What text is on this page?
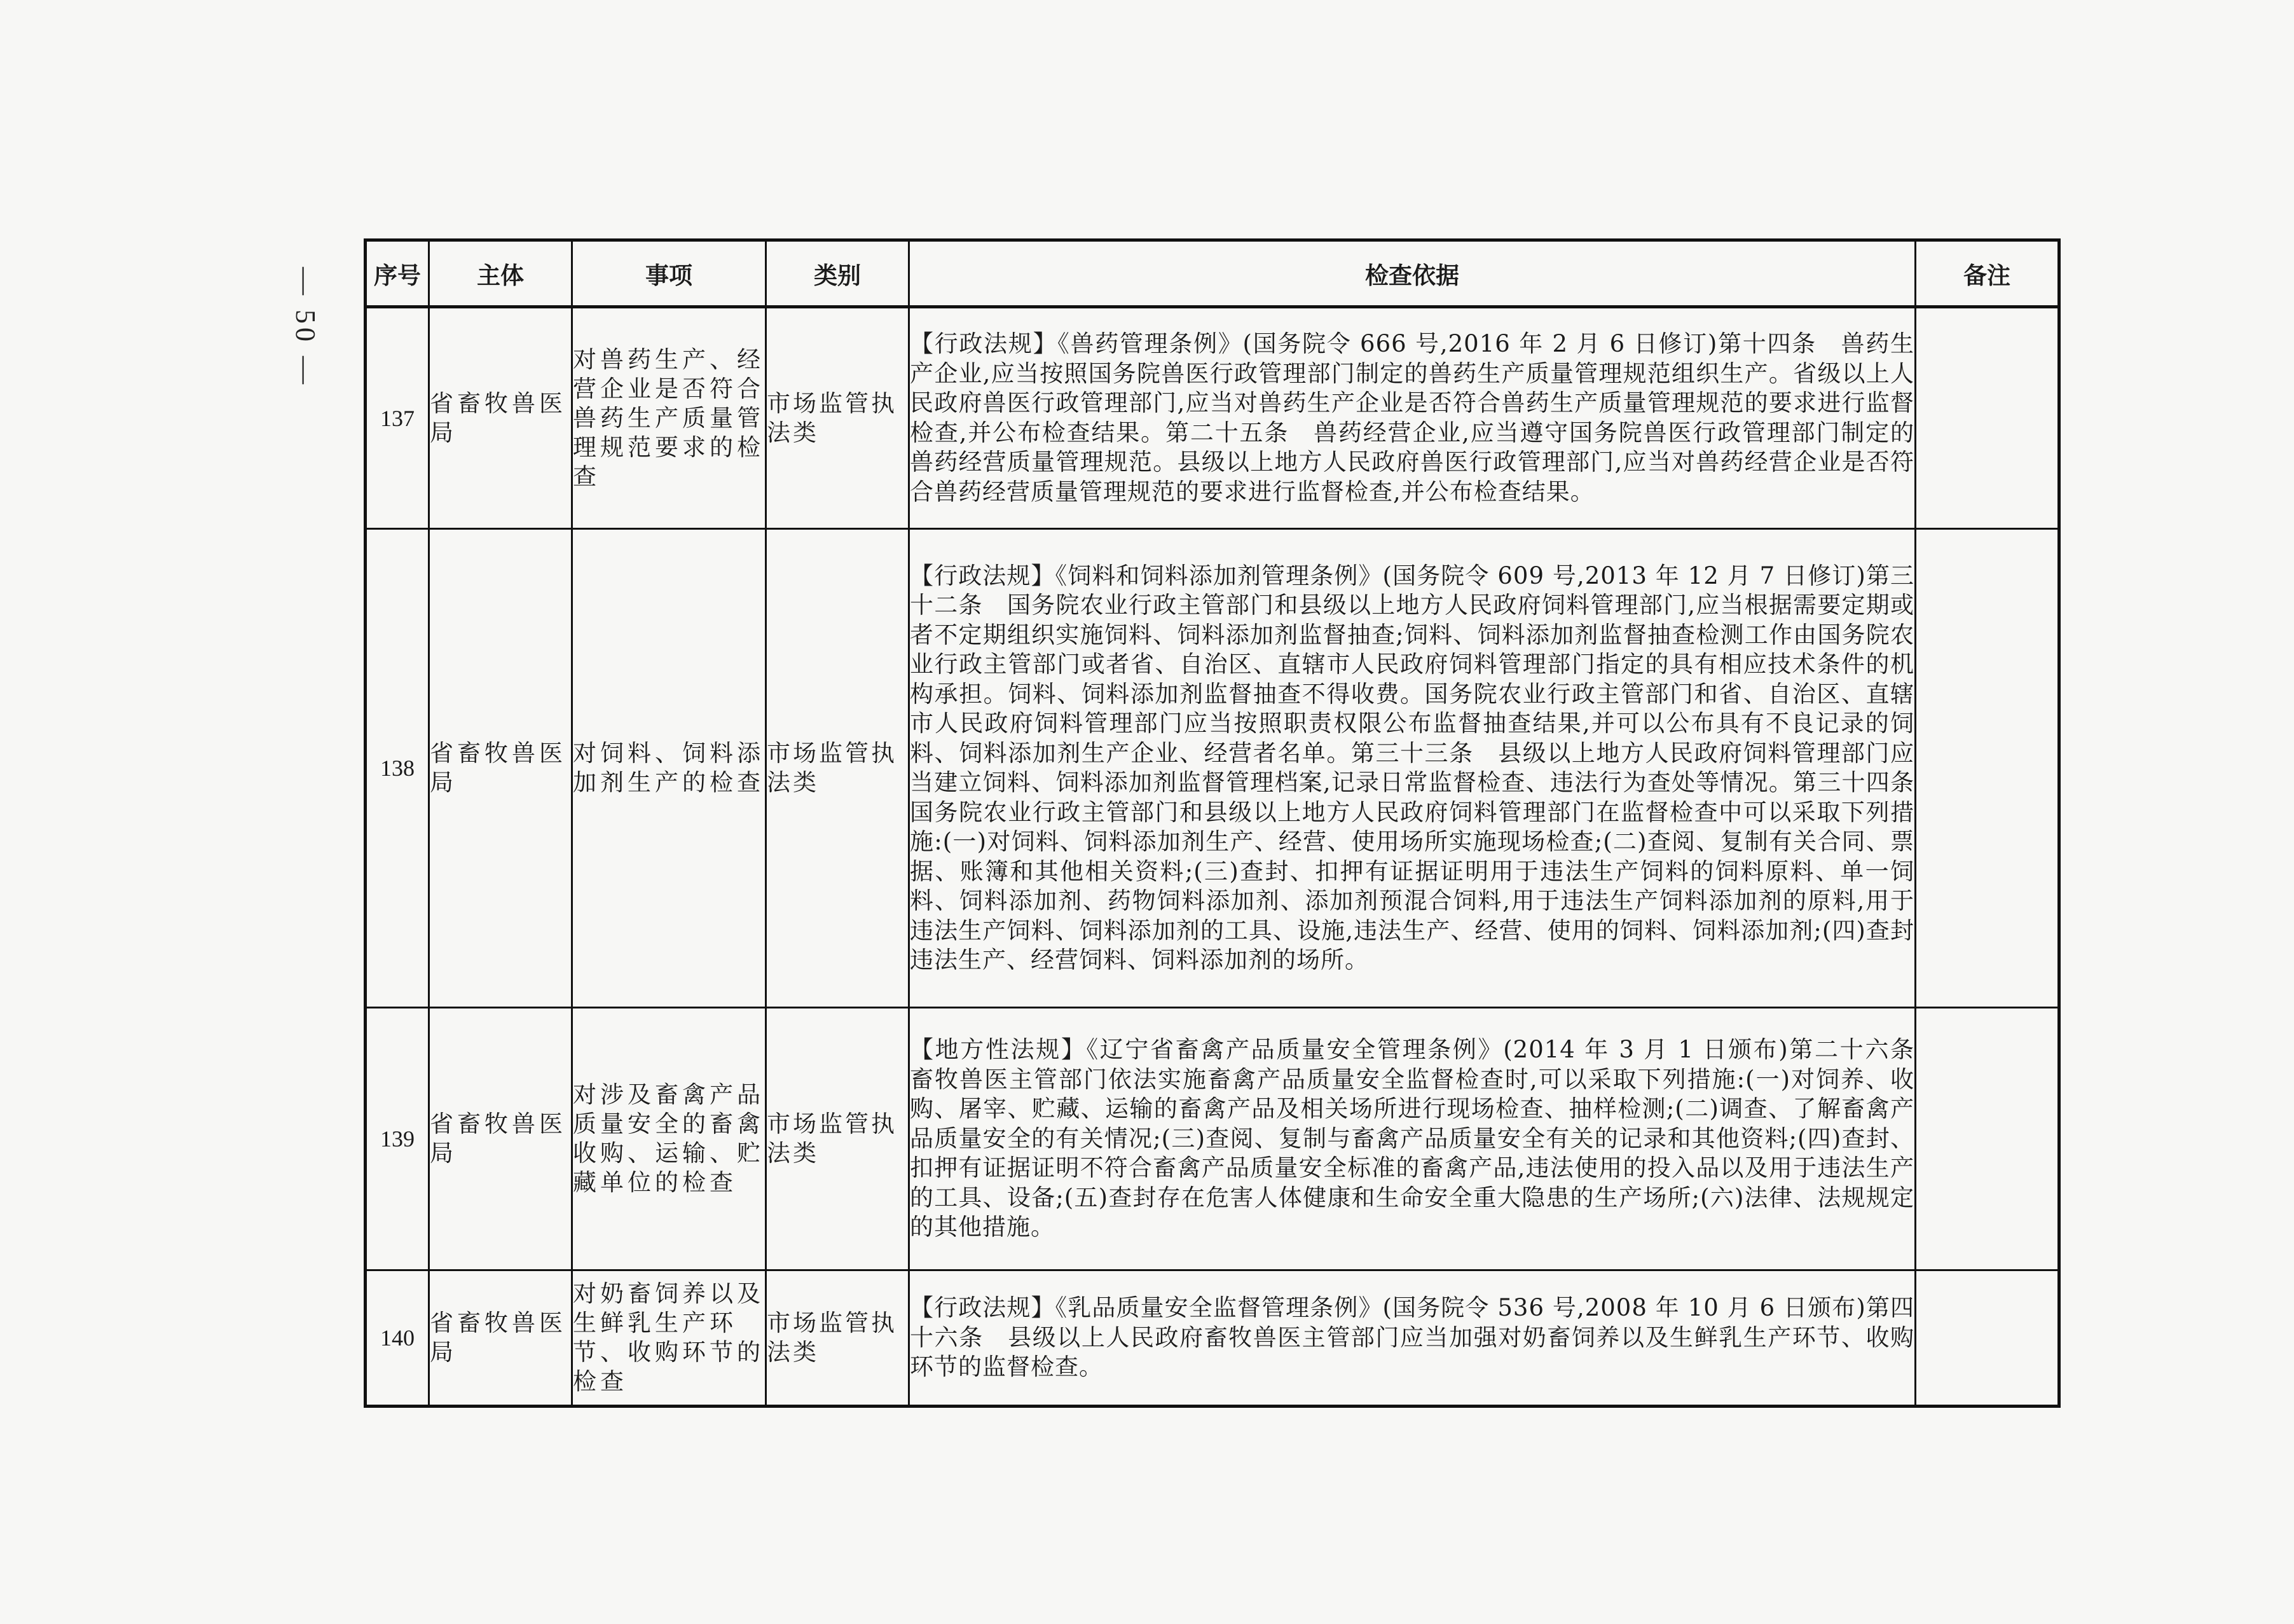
— 50 — 序号	主体	事项	类别	检查依据	备注
137	省畜牧兽医局	对兽药生产、经营企业是否符合兽药生产质量管理规范要求的检查	市场监管执法类	【行政法规】《兽药管理条例》(国务院令 666 号,2016 年 2 月 6 日修订)第十四条　兽药生产企业,应当按照国务院兽医行政管理部门制定的兽药生产质量管理规范组织生产。省级以上人民政府兽医行政管理部门,应当对兽药生产企业是否符合兽药生产质量管理规范的要求进行监督检查,并公布检查结果。第二十五条　兽药经营企业,应当遵守国务院兽医行政管理部门制定的兽药经营质量管理规范。县级以上地方人民政府兽医行政管理部门,应当对兽药经营企业是否符合兽药经营质量管理规范的要求进行监督检查,并公布检查结果。	
138	省畜牧兽医局	对饲料、饲料添加剂生产的检查	市场监管执法类	【行政法规】《饲料和饲料添加剂管理条例》(国务院令 609 号,2013 年 12 月 7 日修订)第三十二条　国务院农业行政主管部门和县级以上地方人民政府饲料管理部门,应当根据需要定期或者不定期组织实施饲料、饲料添加剂监督抽查;饲料、饲料添加剂监督抽查检测工作由国务院农业行政主管部门或者省、自治区、直辖市人民政府饲料管理部门指定的具有相应技术条件的机构承担。饲料、饲料添加剂监督抽查不得收费。国务院农业行政主管部门和省、自治区、直辖市人民政府饲料管理部门应当按照职责权限公布监督抽查结果,并可以公布具有不良记录的饲料、饲料添加剂生产企业、经营者名单。第三十三条　县级以上地方人民政府饲料管理部门应当建立饲料、饲料添加剂监督管理档案,记录日常监督检查、违法行为查处等情况。第三十四条　国务院农业行政主管部门和县级以上地方人民政府饲料管理部门在监督检查中可以采取下列措施:(一)对饲料、饲料添加剂生产、经营、使用场所实施现场检查;(二)查阅、复制有关合同、票据、账簿和其他相关资料;(三)查封、扣押有证据证明用于违法生产饲料的饲料原料、单一饲料、饲料添加剂、药物饲料添加剂、添加剂预混合饲料,用于违法生产饲料添加剂的原料,用于违法生产饲料、饲料添加剂的工具、设施,违法生产、经营、使用的饲料、饲料添加剂;(四)查封违法生产、经营饲料、饲料添加剂的场所。	
139	省畜牧兽医局	对涉及畜禽产品质量安全的畜禽收购、运输、贮藏单位的检查	市场监管执法类	【地方性法规】《辽宁省畜禽产品质量安全管理条例》(2014 年 3 月 1 日颁布)第二十六条　畜牧兽医主管部门依法实施畜禽产品质量安全监督检查时,可以采取下列措施:(一)对饲养、收购、屠宰、贮藏、运输的畜禽产品及相关场所进行现场检查、抽样检测;(二)调查、了解畜禽产品质量安全的有关情况;(三)查阅、复制与畜禽产品质量安全有关的记录和其他资料;(四)查封、扣押有证据证明不符合畜禽产品质量安全标准的畜禽产品,违法使用的投入品以及用于违法生产的工具、设备;(五)查封存在危害人体健康和生命安全重大隐患的生产场所;(六)法律、法规规定的其他措施。	
140	省畜牧兽医局	对奶畜饲养以及生鲜乳生产环节、收购环节的检查	市场监管执法类	【行政法规】《乳品质量安全监督管理条例》(国务院令 536 号,2008 年 10 月 6 日颁布)第四十六条　县级以上人民政府畜牧兽医主管部门应当加强对奶畜饲养以及生鲜乳生产环节、收购环节的监督检查。	
